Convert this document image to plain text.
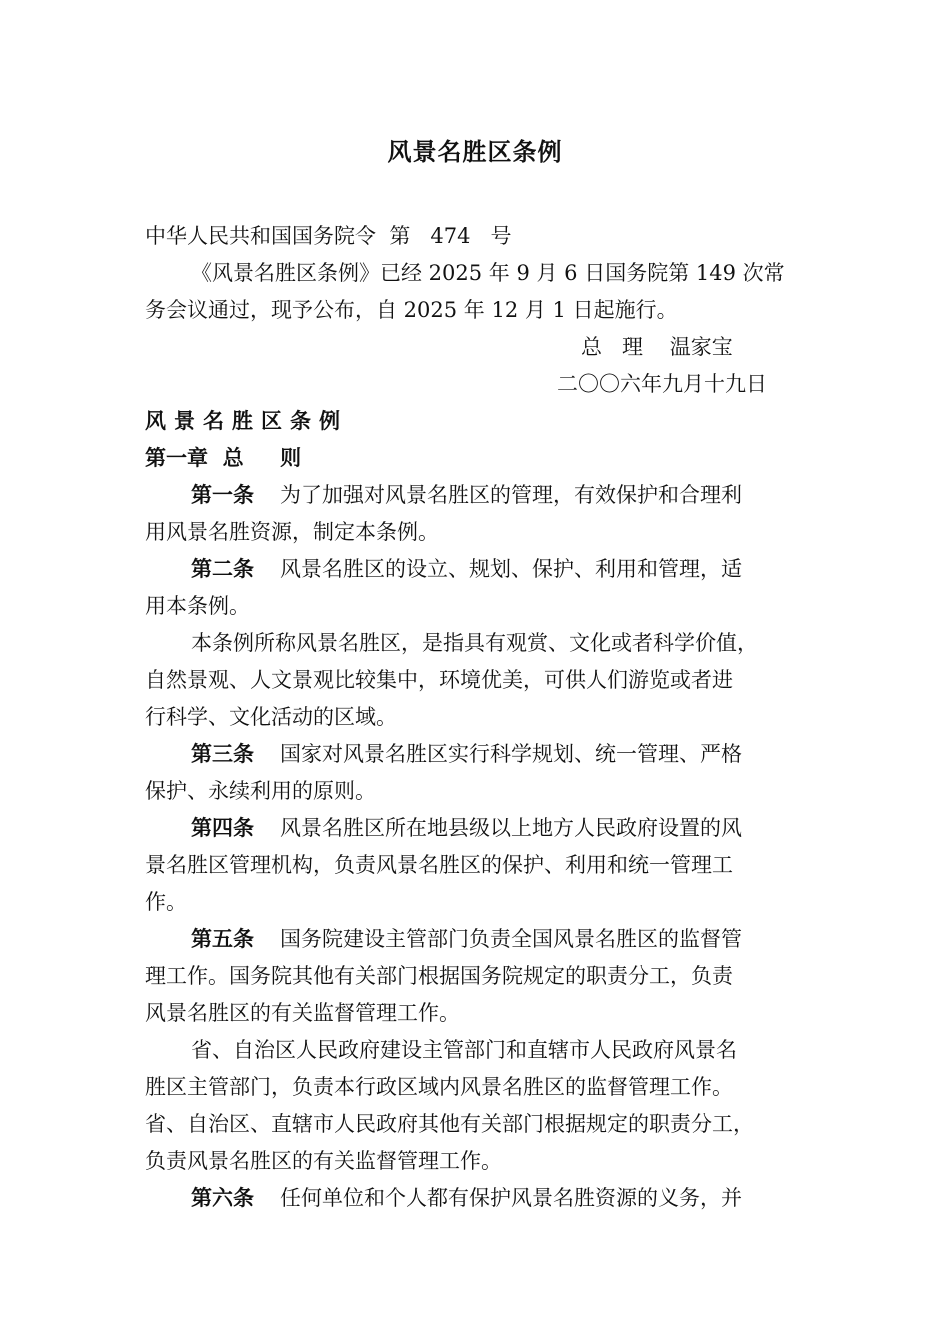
风景名胜区条例
中华人民共和国国务院令  第   474   号
《风景名胜区条例》已经 2025 年 9 月 6 日国务院第 149 次常
务会议通过，现予公布，自 2025 年 12 月 1 日起施行。
总   理    温家宝
二〇〇六年九月十九日
风景名胜区条例
第一章  总     则
第一条 为了加强对风景名胜区的管理，有效保护和合理利
用风景名胜资源，制定本条例。
第二条 风景名胜区的设立、规划、保护、利用和管理，适
用本条例。
本条例所称风景名胜区，是指具有观赏、文化或者科学价值，
自然景观、人文景观比较集中，环境优美，可供人们游览或者进
行科学、文化活动的区域。
第三条 国家对风景名胜区实行科学规划、统一管理、严格
保护、永续利用的原则。
第四条 风景名胜区所在地县级以上地方人民政府设置的风
景名胜区管理机构，负责风景名胜区的保护、利用和统一管理工
作。
第五条 国务院建设主管部门负责全国风景名胜区的监督管
理工作。国务院其他有关部门根据国务院规定的职责分工，负责
风景名胜区的有关监督管理工作。
省、自治区人民政府建设主管部门和直辖市人民政府风景名
胜区主管部门，负责本行政区域内风景名胜区的监督管理工作。
省、自治区、直辖市人民政府其他有关部门根据规定的职责分工，
负责风景名胜区的有关监督管理工作。
第六条 任何单位和个人都有保护风景名胜资源的义务，并
